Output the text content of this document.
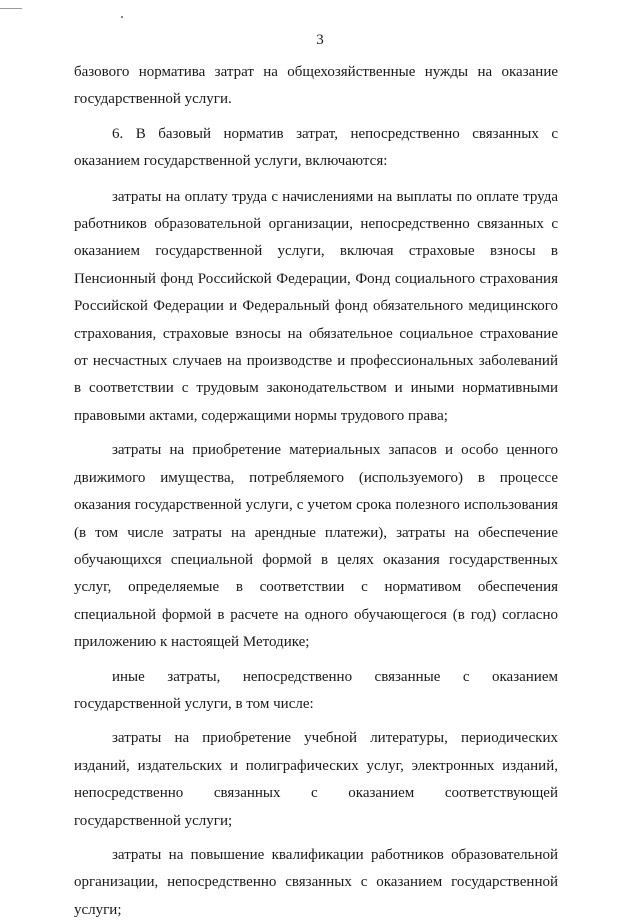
3

базового норматива затрат на общехозяйственные нужды на оказание государственной услуги.

6. В базовый норматив затрат, непосредственно связанных с оказанием государственной услуги, включаются:

затраты на оплату труда с начислениями на выплаты по оплате труда работников образовательной организации, непосредственно связанных с оказанием государственной услуги, включая страховые взносы в Пенсионный фонд Российской Федерации, Фонд социального страхования Российской Федерации и Федеральный фонд обязательного медицинского страхования, страховые взносы на обязательное социальное страхование от несчастных случаев на производстве и профессиональных заболеваний в соответствии с трудовым законодательством и иными нормативными правовыми актами, содержащими нормы трудового права;

затраты на приобретение материальных запасов и особо ценного движимого имущества, потребляемого (используемого) в процессе оказания государственной услуги, с учетом срока полезного использования (в том числе затраты на арендные платежи), затраты на обеспечение обучающихся специальной формой в целях оказания государственных услуг, определяемые в соответствии с нормативом обеспечения специальной формой в расчете на одного обучающегося (в год) согласно приложению к настоящей Методике;

иные затраты, непосредственно связанные с оказанием государственной услуги, в том числе:

затраты на приобретение учебной литературы, периодических изданий, издательских и полиграфических услуг, электронных изданий, непосредственно связанных с оказанием соответствующей государственной услуги;

затраты на повышение квалификации работников образовательной организации, непосредственно связанных с оказанием государственной услуги;
